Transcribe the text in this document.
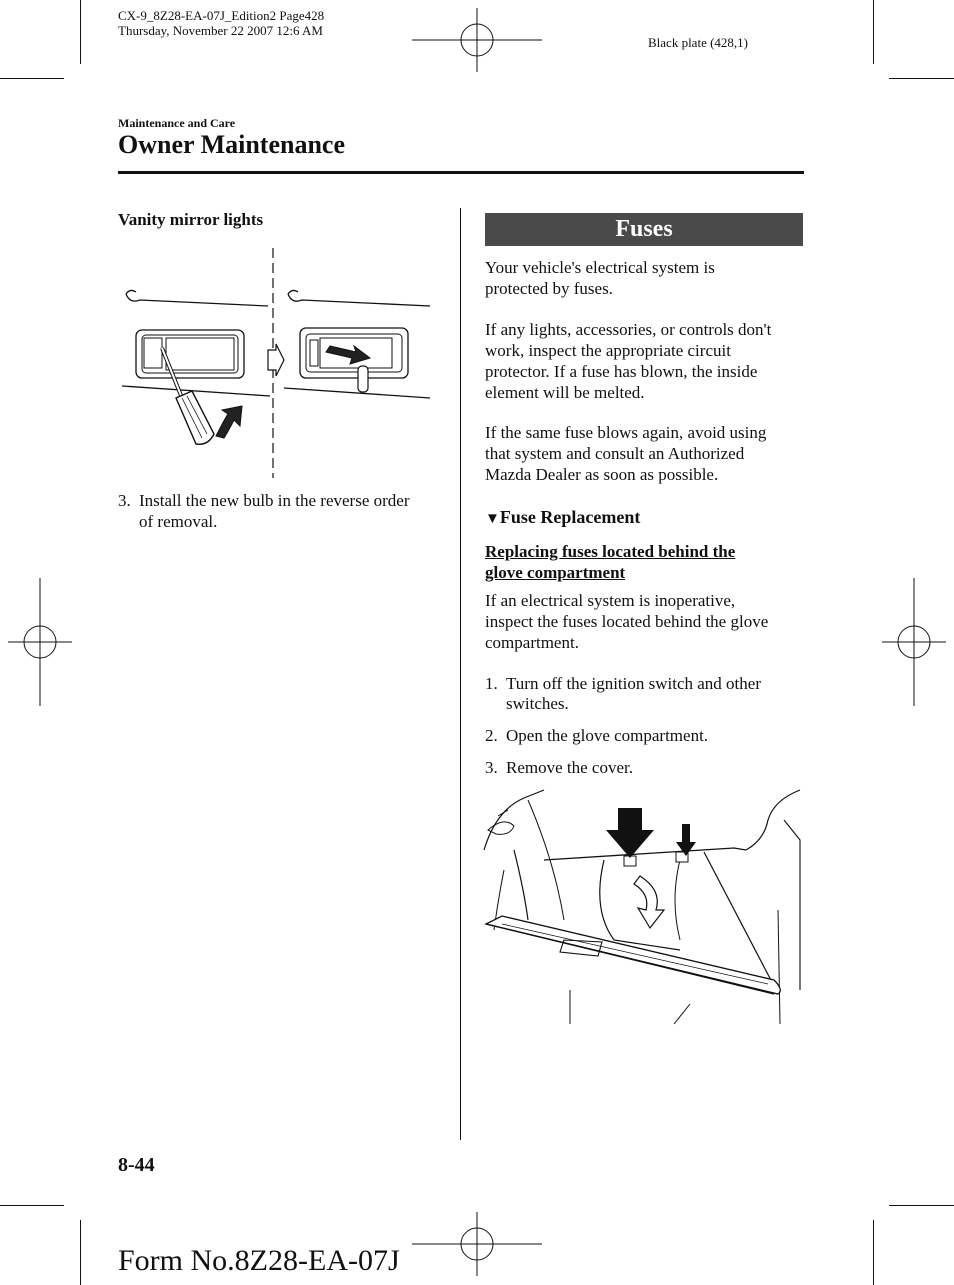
CX-9_8Z28-EA-07J_Edition2 Page428
Thursday, November 22 2007 12:6 AM
Black plate (428,1)
Maintenance and Care
Owner Maintenance
Vanity mirror lights
3. Install the new bulb in the reverse order
of removal.
Fuses
Your vehicle's electrical system is
protected by fuses.
If any lights, accessories, or controls don't
work, inspect the appropriate circuit
protector. If a fuse has blown, the inside
element will be melted.
If the same fuse blows again, avoid using
that system and consult an Authorized
Mazda Dealer as soon as possible.
▼Fuse Replacement
Replacing fuses located behind the
glove compartment
If an electrical system is inoperative,
inspect the fuses located behind the glove
compartment.
1. Turn off the ignition switch and other
switches.
2. Open the glove compartment.
3. Remove the cover.
8-44
Form No.8Z28-EA-07J
